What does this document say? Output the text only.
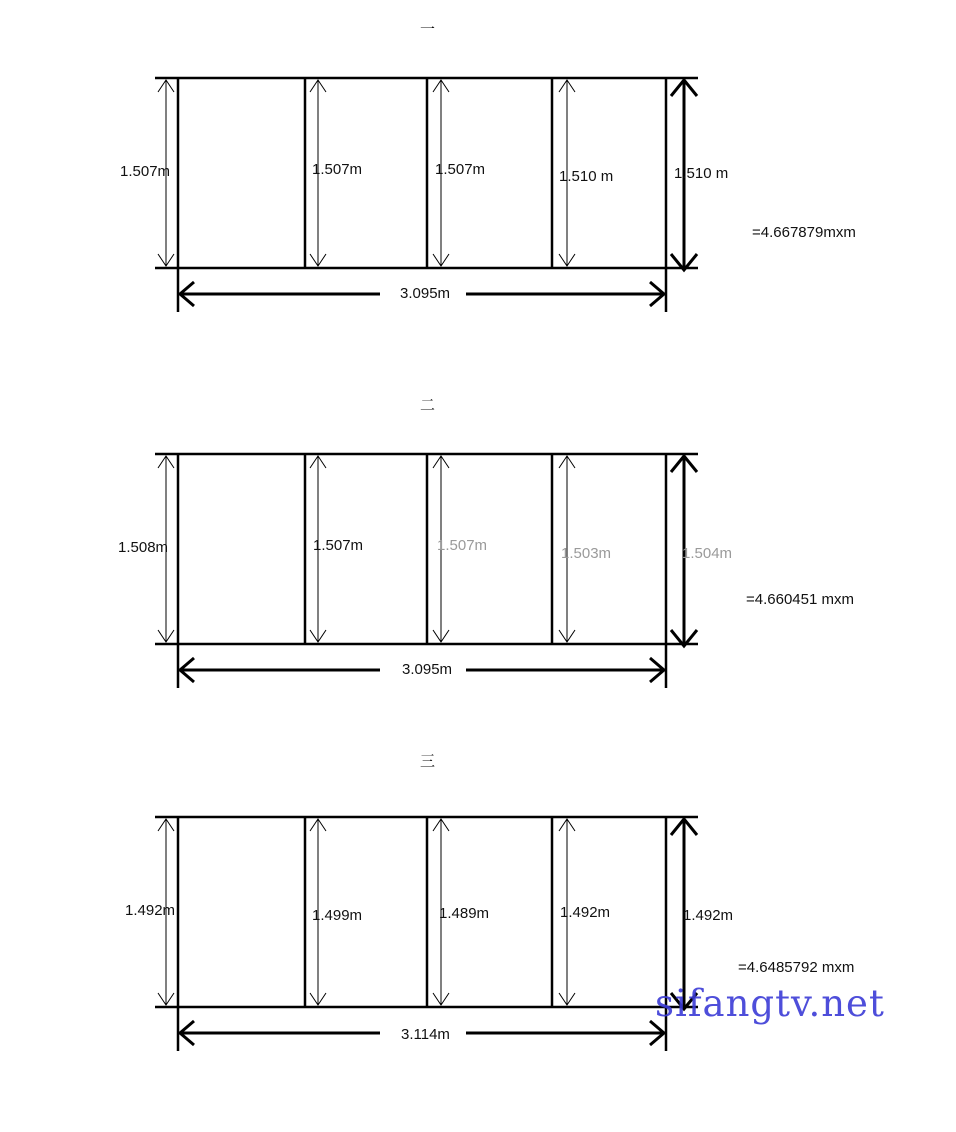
一
1.507m	1.507m	1.507m	1.510 m	1.510 m
3.095m
=4.667879mxm
二
1.508m	1.507m	1.507m	1.503m	1.504m
3.095m
=4.660451 mxm
三
1.492m	1.499m	1.489m	1.492m	1.492m
3.114m
=4.6485792 mxm
sifangtv.net
